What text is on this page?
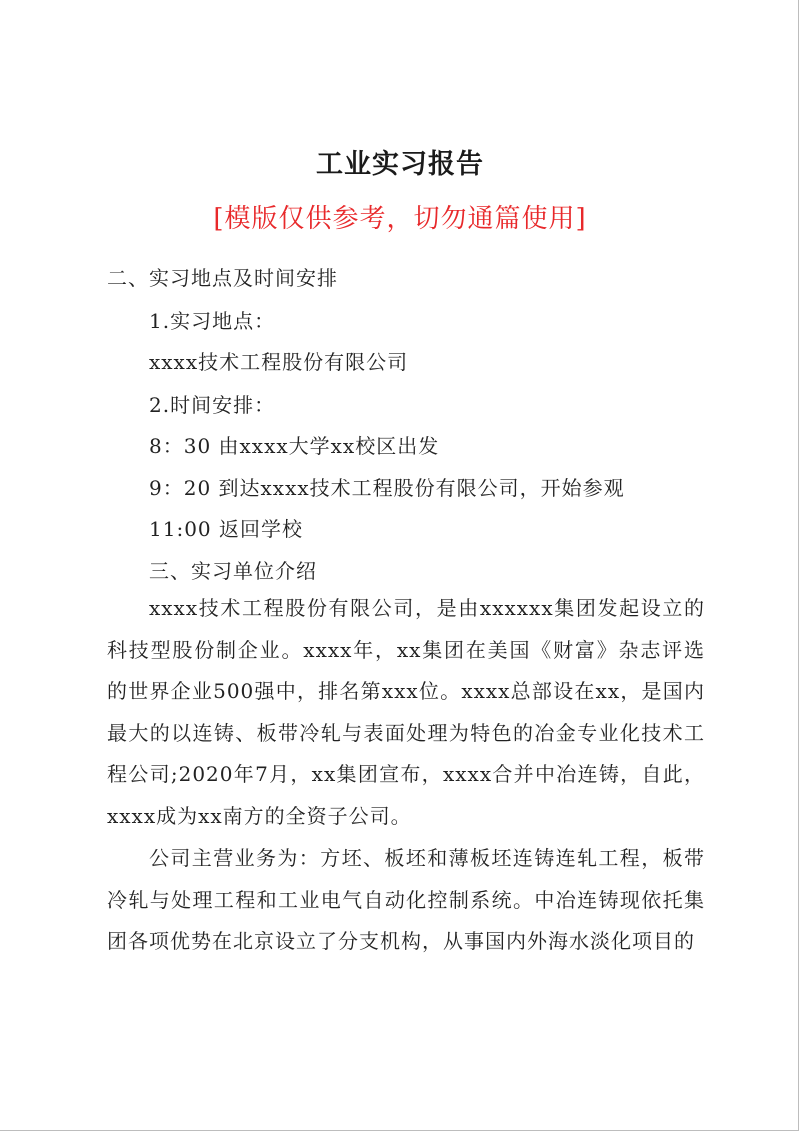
工业实习报告
[模版仅供参考，切勿通篇使用]
二、实习地点及时间安排
1.实习地点：
xxxx技术工程股份有限公司
2.时间安排：
8：30 由xxxx大学xx校区出发
9：20 到达xxxx技术工程股份有限公司，开始参观
11:00 返回学校
三、实习单位介绍
xxxx技术工程股份有限公司，是由xxxxxx集团发起设立的科技型股份制企业。xxxx年，xx集团在美国《财富》杂志评选的世界企业500强中，排名第xxx位。xxxx总部设在xx，是国内最大的以连铸、板带冷轧与表面处理为特色的冶金专业化技术工程公司;2020年7月，xx集团宣布，xxxx合并中冶连铸，自此，xxxx成为xx南方的全资子公司。
公司主营业务为：方坯、板坯和薄板坯连铸连轧工程，板带冷轧与处理工程和工业电气自动化控制系统。中冶连铸现依托集团各项优势在北京设立了分支机构，从事国内外海水淡化项目的
